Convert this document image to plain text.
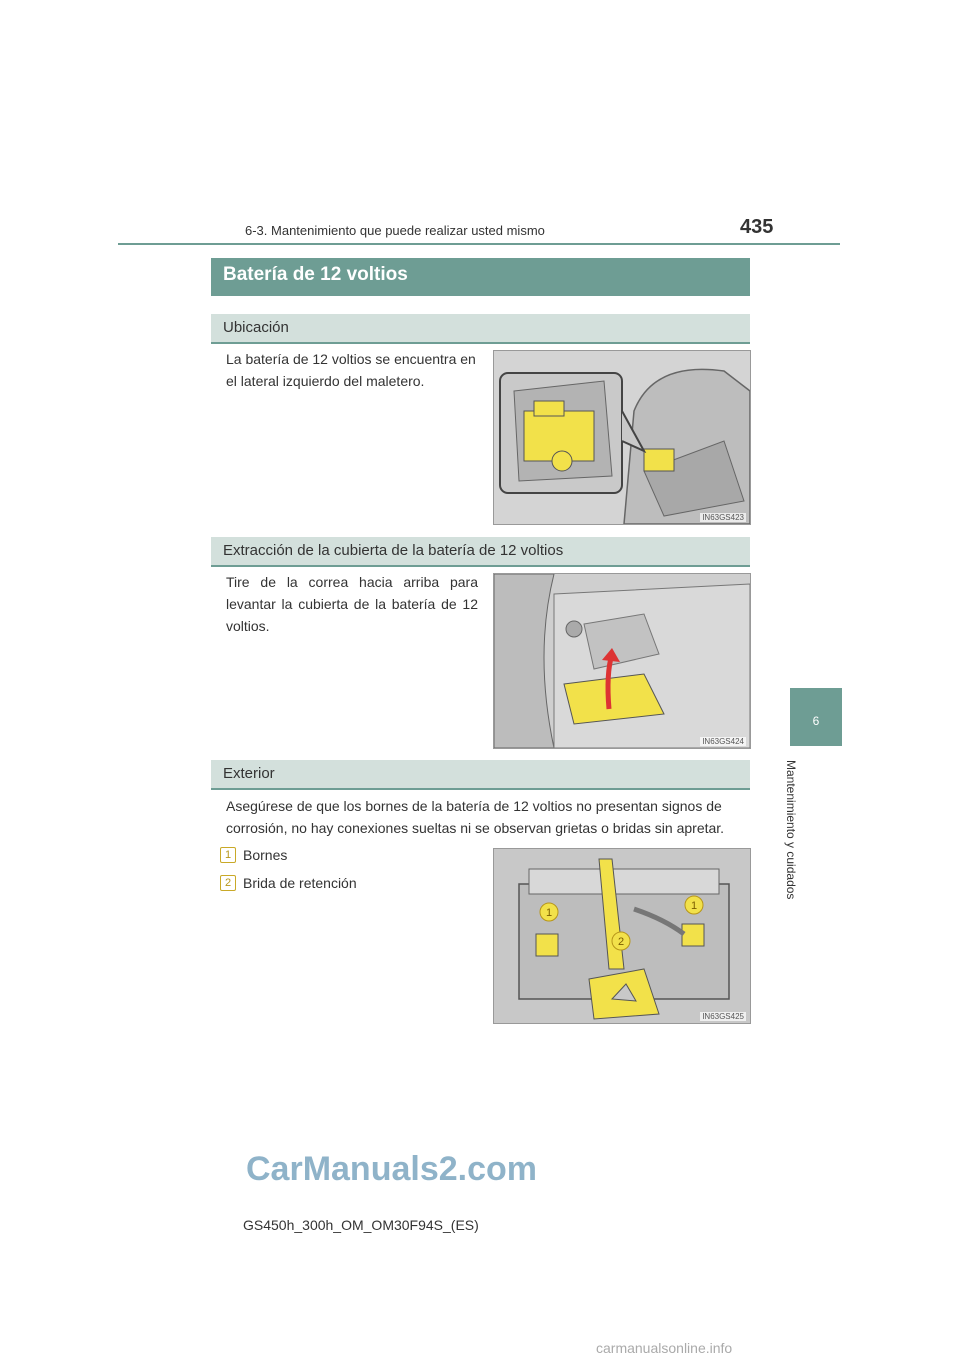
6-3. Mantenimiento que puede realizar usted mismo	435
6
Mantenimiento y cuidados
Batería de 12 voltios
Ubicación
La batería de 12 voltios se encuentra en el lateral izquierdo del maletero.
IN63GS423
Extracción de la cubierta de la batería de 12 voltios
Tire de la correa hacia arriba para levantar la cubierta de la batería de 12 voltios.
IN63GS424
Exterior
Asegúrese de que los bornes de la batería de 12 voltios no presentan signos de corrosión, no hay conexiones sueltas ni se observan grietas o bridas sin apretar.
1 Bornes
2 Brida de retención
1
1
2
IN63GS425
CarManuals2.com
GS450h_300h_OM_OM30F94S_(ES)
carmanualsonline.info
